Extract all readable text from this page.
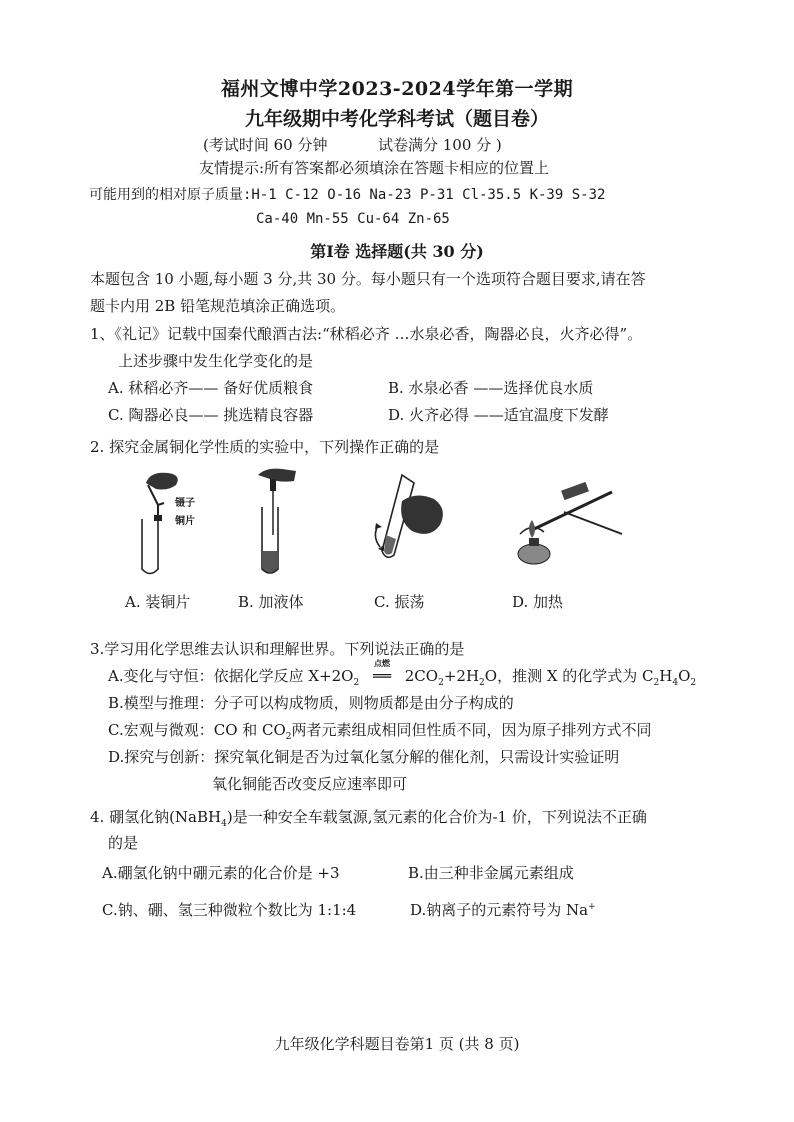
福州文博中学2023-2024学年第一学期
九年级期中考化学科考试（题目卷）
(考试时间 60 分钟	试卷满分 100 分 )
友情提示:所有答案都必须填涂在答题卡相应的位置上
可能用到的相对原子质量:H-1 C-12 O-16 Na-23 P-31 Cl-35.5 K-39 S-32
Ca-40 Mn-55 Cu-64 Zn-65
第Ⅰ卷 选择题(共 30 分)
本题包含 10 小题,每小题 3 分,共 30 分。每小题只有一个选项符合题目要求,请在答
题卡内用 2B 铅笔规范填涂正确选项。
1、《礼记》记载中国秦代酿酒古法:“秫稻必齐 …水泉必香，陶器必良，火齐必得”。
上述步骤中发生化学变化的是
A. 秫稻必齐—— 备好优质粮食	B. 水泉必香 ——选择优良水质
C. 陶器必良—— 挑选精良容器	D. 火齐必得 ——适宜温度下发酵
2. 探究金属铜化学性质的实验中，下列操作正确的是
镊子
铜片
A. 装铜片	B. 加液体	C. 振荡	D. 加热
3.学习用化学思维去认识和理解世界。下列说法正确的是
A.变化与守恒：依据化学反应 $X+2O_2$
点燃
══ $2CO_2+2H_2O$，推测 X 的化学式为 $C_2H_4O_2$
B.模型与推理：分子可以构成物质，则物质都是由分子构成的
C.宏观与微观：CO 和 $CO_2$两者元素组成相同但性质不同，因为原子排列方式不同
D.探究与创新：探究氧化铜是否为过氧化氢分解的催化剂，只需设计实验证明
氧化铜能否改变反应速率即可
4. 硼氢化钠(NaBH$_4$)是一种安全车载氢源,氢元素的化合价为-1 价，下列说法不正确
的是
A.硼氢化钠中硼元素的化合价是 +3	B.由三种非金属元素组成
C.钠、硼、氢三种微粒个数比为 1:1:4	D.钠离子的元素符号为 Na+
九年级化学科题目卷第1 页 (共 8 页)
